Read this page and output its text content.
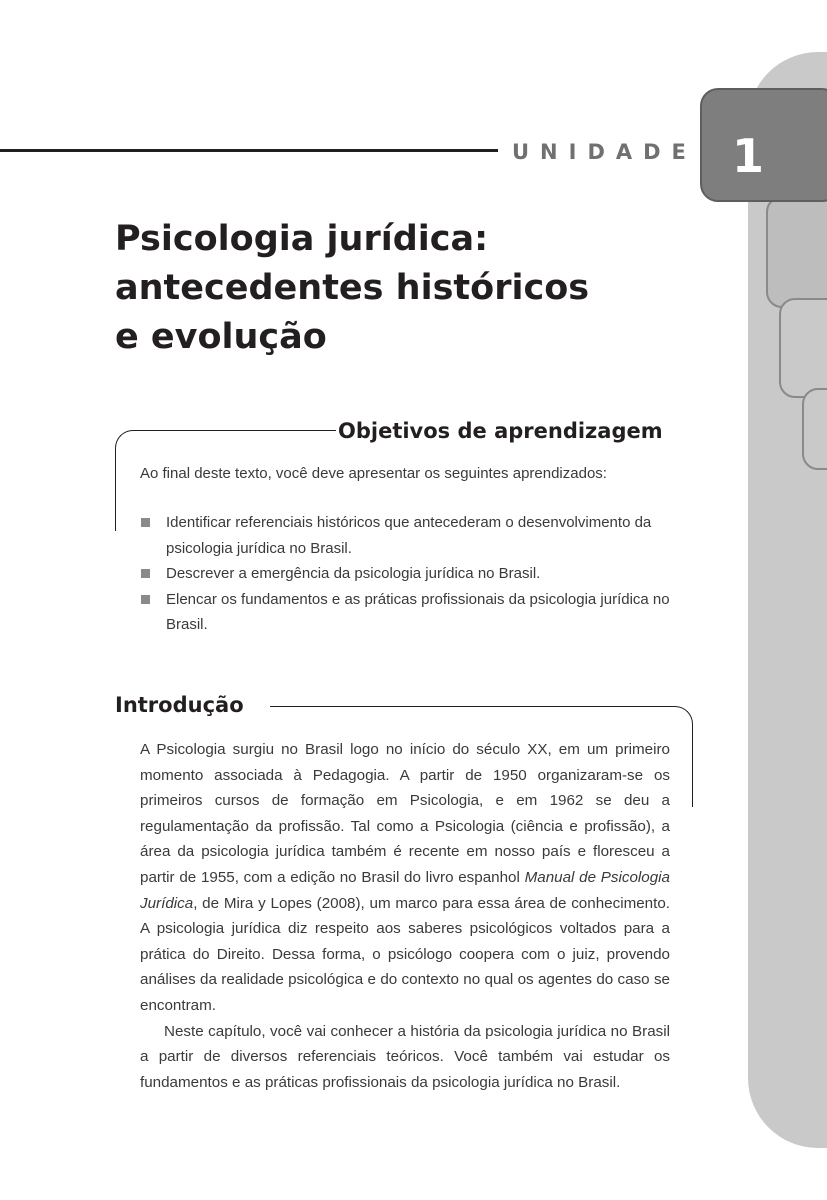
1
UNIDADE
Psicologia jurídica:
antecedentes históricos
e evolução
Objetivos de aprendizagem
Ao final deste texto, você deve apresentar os seguintes aprendizados:
Identificar referenciais históricos que antecederam o desenvolvimento da psicologia jurídica no Brasil.
Descrever a emergência da psicologia jurídica no Brasil.
Elencar os fundamentos e as práticas profissionais da psicologia jurídica no Brasil.
Introdução

A Psicologia surgiu no Brasil logo no início do século XX, em um primeiro momento associada à Pedagogia. A partir de 1950 organizaram-se os primeiros cursos de formação em Psicologia, e em 1962 se deu a regulamentação da profissão. Tal como a Psicologia (ciência e profissão), a área da psicologia jurídica também é recente em nosso país e floresceu a partir de 1955, com a edição no Brasil do livro espanhol Manual de Psicologia Jurídica, de Mira y Lopes (2008), um marco para essa área de conhecimento. A psicologia jurídica diz respeito aos saberes psicológicos voltados para a prática do Direito. Dessa forma, o psicólogo coopera com o juiz, provendo análises da realidade psicológica e do contexto no qual os agentes do caso se encontram.

Neste capítulo, você vai conhecer a história da psicologia jurídica no Brasil a partir de diversos referenciais teóricos. Você também vai estudar os fundamentos e as práticas profissionais da psicologia jurídica no Brasil.
